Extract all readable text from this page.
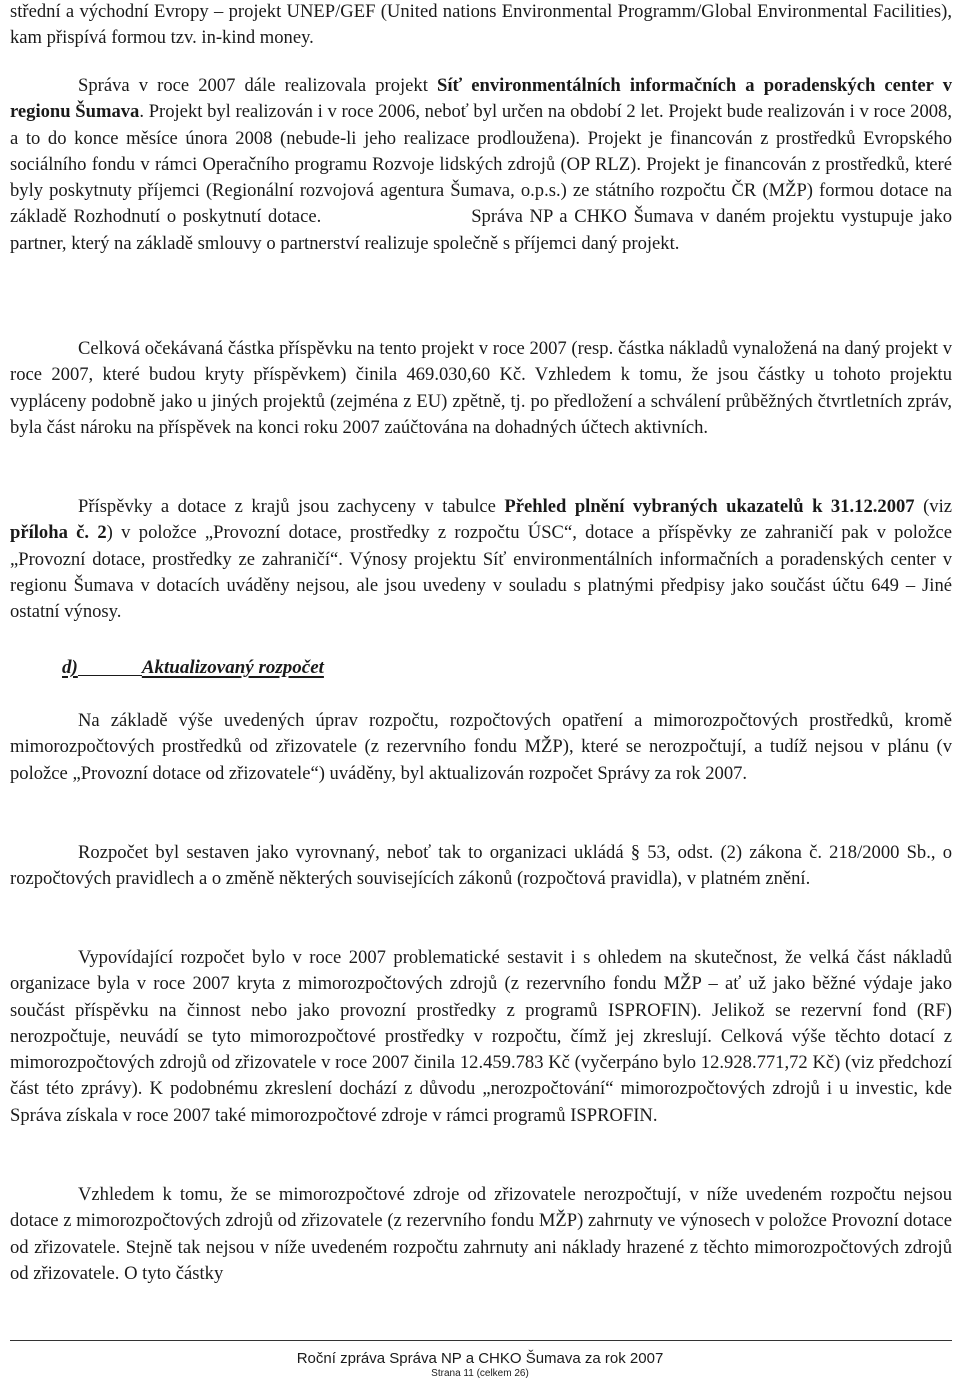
střední a východní Evropy – projekt UNEP/GEF (United nations Environmental Programm/Global Environmental Facilities), kam přispívá formou tzv. in-kind money.

Správa v roce 2007 dále realizovala projekt Síť environmentálních informačních a poradenských center v regionu Šumava. Projekt byl realizován i v roce 2006, neboť byl určen na období 2 let. Projekt bude realizován i v roce 2008, a to do konce měsíce února 2008 (nebude-li jeho realizace prodloužena). Projekt je financován z prostředků Evropského sociálního fondu v rámci Operačního programu Rozvoje lidských zdrojů (OP RLZ). Projekt je financován z prostředků, které byly poskytnuty příjemci (Regionální rozvojová agentura Šumava, o.p.s.) ze státního rozpočtu ČR (MŽP) formou dotace na základě Rozhodnutí o poskytnutí dotace.	Správa NP a CHKO Šumava v daném projektu vystupuje jako partner, který na základě smlouvy o partnerství realizuje společně s příjemci daný projekt.

Celková očekávaná částka příspěvku na tento projekt v roce 2007 (resp. částka nákladů vynaložená na daný projekt v roce 2007, které budou kryty příspěvkem) činila 469.030,60 Kč. Vzhledem k tomu, že jsou částky u tohoto projektu vypláceny podobně jako u jiných projektů (zejména z EU) zpětně, tj. po předložení a schválení průběžných čtvrtletních zpráv, byla část nároku na příspěvek na konci roku 2007 zaúčtována na dohadných účtech aktivních.

Příspěvky a dotace z krajů jsou zachyceny v tabulce Přehled plnění vybraných ukazatelů k 31.12.2007 (viz příloha č. 2) v položce „Provozní dotace, prostředky z rozpočtu ÚSC“, dotace a příspěvky ze zahraničí pak v položce „Provozní dotace, prostředky ze zahraničí“. Výnosy projektu Síť environmentálních informačních a poradenských center v regionu Šumava v dotacích uváděny nejsou, ale jsou uvedeny v souladu s platnými předpisy jako součást účtu 649 – Jiné ostatní výnosy.

d)	Aktualizovaný rozpočet

Na základě výše uvedených úprav rozpočtu, rozpočtových opatření a mimorozpočtových prostředků, kromě mimorozpočtových prostředků od zřizovatele (z rezervního fondu MŽP), které se nerozpočtují, a tudíž nejsou v plánu (v položce „Provozní dotace od zřizovatele“) uváděny, byl aktualizován rozpočet Správy za rok 2007.

Rozpočet byl sestaven jako vyrovnaný, neboť tak to organizaci ukládá § 53, odst. (2) zákona č. 218/2000 Sb., o rozpočtových pravidlech a o změně některých souvisejících zákonů (rozpočtová pravidla), v platném znění.

Vypovídající rozpočet bylo v roce 2007 problematické sestavit i s ohledem na skutečnost, že velká část nákladů organizace byla v roce 2007 kryta z mimorozpočtových zdrojů (z rezervního fondu MŽP – ať už jako běžné výdaje jako součást příspěvku na činnost nebo jako provozní prostředky z programů ISPROFIN). Jelikož se rezervní fond (RF) nerozpočtuje, neuvádí se tyto mimorozpočtové prostředky v rozpočtu, čímž jej zkreslují. Celková výše těchto dotací z mimorozpočtových zdrojů od zřizovatele v roce 2007 činila 12.459.783 Kč (vyčerpáno bylo 12.928.771,72 Kč) (viz předchozí část této zprávy). K podobnému zkreslení dochází z důvodu „nerozpočtování“ mimorozpočtových zdrojů i u investic, kde Správa získala v roce 2007 také mimorozpočtové zdroje v rámci programů ISPROFIN.

Vzhledem k tomu, že se mimorozpočtové zdroje od zřizovatele nerozpočtují, v níže uvedeném rozpočtu nejsou dotace z mimorozpočtových zdrojů od zřizovatele (z rezervního fondu MŽP) zahrnuty ve výnosech v položce Provozní dotace od zřizovatele. Stejně tak nejsou v níže uvedeném rozpočtu zahrnuty ani náklady hrazené z těchto mimorozpočtových zdrojů od zřizovatele. O tyto částky

Roční zpráva Správa NP a CHKO Šumava za rok 2007
Strana 11 (celkem 26)
